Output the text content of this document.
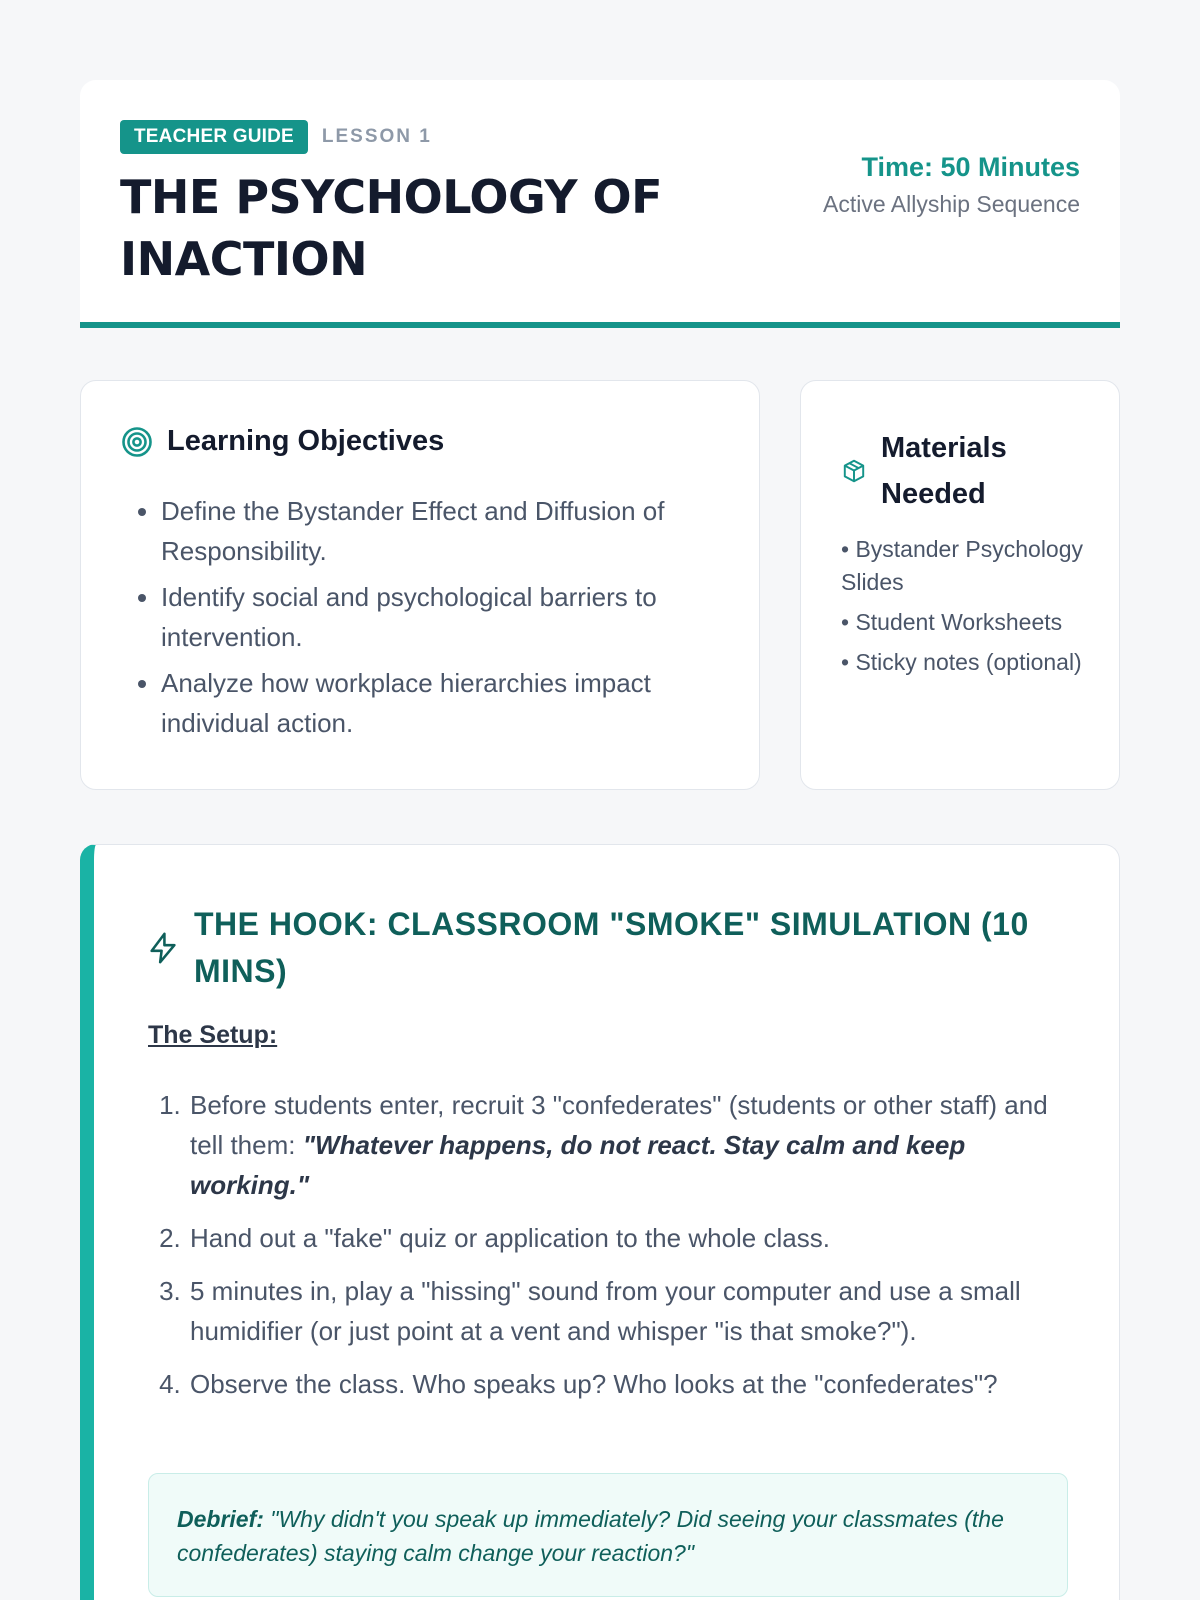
TEACHER GUIDE	LESSON 1
THE PSYCHOLOGY OF INACTION
Time: 50 Minutes
Active Allyship Sequence
Learning Objectives
• Define the Bystander Effect and Diffusion of Responsibility.
• Identify social and psychological barriers to intervention.
• Analyze how workplace hierarchies impact individual action.
Materials Needed
• Bystander Psychology Slides
• Student Worksheets
• Sticky notes (optional)
THE HOOK: CLASSROOM "SMOKE" SIMULATION (10 MINS)
The Setup:
1. Before students enter, recruit 3 "confederates" (students or other staff) and tell them: "Whatever happens, do not react. Stay calm and keep working."
2. Hand out a "fake" quiz or application to the whole class.
3. 5 minutes in, play a "hissing" sound from your computer and use a small humidifier (or just point at a vent and whisper "is that smoke?").
4. Observe the class. Who speaks up? Who looks at the "confederates"?
Debrief: "Why didn't you speak up immediately? Did seeing your classmates (the confederates) staying calm change your reaction?"
